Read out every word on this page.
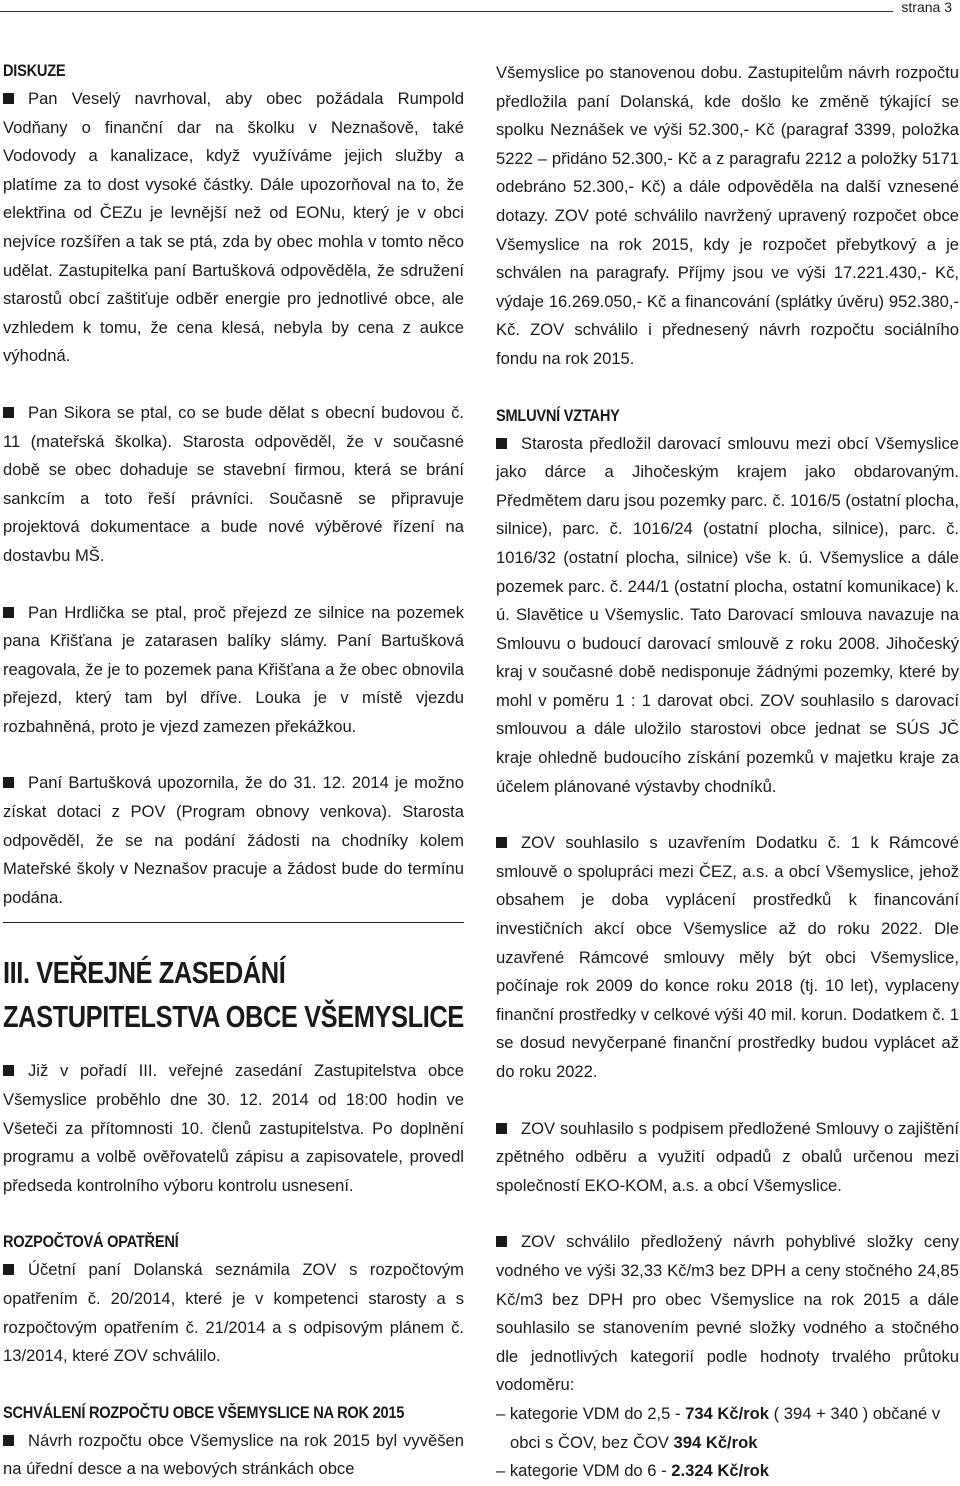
strana 3
DISKUZE

Pan Veselý navrhoval, aby obec požádala Rumpold Vodňany o finanční dar na školku v Neznašově, také Vodovody a kanalizace, když využíváme jejich služby a platíme za to dost vysoké částky. Dále upozorňoval na to, že elektřina od ČEZu je levnější než od EONu, který je v obci nejvíce rozšířen a tak se ptá, zda by obec mohla v tomto něco udělat. Zastupitelka paní Bartušková odpověděla, že sdružení starostů obcí zaštiťuje odběr energie pro jednotlivé obce, ale vzhledem k tomu, že cena klesá, nebyla by cena z aukce výhodná.

Pan Sikora se ptal, co se bude dělat s obecní budovou č. 11 (mateřská školka). Starosta odpověděl, že v současné době se obec dohaduje se stavební firmou, která se brání sankcím a toto řeší právníci. Současně se připravuje projektová dokumentace a bude nové výběrové řízení na dostavbu MŠ.

Pan Hrdlička se ptal, proč přejezd ze silnice na pozemek pana Křišťana je zatarasen balíky slámy. Paní Bartušková reagovala, že je to pozemek pana Křišťana a že obec obnovila přejezd, který tam byl dříve. Louka je v místě vjezdu rozbahněná, proto je vjezd zamezen překážkou.

Paní Bartušková upozornila, že do 31. 12. 2014 je možno získat dotaci z POV (Program obnovy venkova). Starosta odpověděl, že se na podání žádosti na chodníky kolem Mateřské školy v Neznašov pracuje a žádost bude do termínu podána.

III. VEŘEJNÉ ZASEDÁNÍ
ZASTUPITELSTVA OBCE VŠEMYSLICE

Již v pořadí III. veřejné zasedání Zastupitelstva obce Všemyslice proběhlo dne 30. 12. 2014 od 18:00 hodin ve Všeteči za přítomnosti 10. členů zastupitelstva. Po doplnění programu a volbě ověřovatelů zápisu a zapisovatele, provedl předseda kontrolního výboru kontrolu usnesení.

ROZPOČTOVÁ OPATŘENÍ

Účetní paní Dolanská seznámila ZOV s rozpočtovým opatřením č. 20/2014, které je v kompetenci starosty a s rozpočtovým opatřením č. 21/2014 a s odpisovým plánem č. 13/2014, které ZOV schválilo.

SCHVÁLENÍ ROZPOČTU OBCE VŠEMYSLICE NA ROK 2015

Návrh rozpočtu obce Všemyslice na rok 2015 byl vyvěšen na úřední desce a na webových stránkách obce

Všemyslice po stanovenou dobu. Zastupitelům návrh rozpočtu předložila paní Dolanská, kde došlo ke změně týkající se spolku Neznášek ve výši 52.300,- Kč (paragraf 3399, položka 5222 – přidáno 52.300,- Kč a z paragrafu 2212 a položky 5171 odebráno 52.300,- Kč) a dále odpověděla na další vznesené dotazy. ZOV poté schválilo navržený upravený rozpočet obce Všemyslice na rok 2015, kdy je rozpočet přebytkový a je schválen na paragrafy. Příjmy jsou ve výši 17.221.430,- Kč, výdaje 16.269.050,- Kč a financování (splátky úvěru) 952.380,- Kč. ZOV schválilo i přednesený návrh rozpočtu sociálního fondu na rok 2015.

SMLUVNÍ VZTAHY

Starosta předložil darovací smlouvu mezi obcí Všemyslice jako dárce a Jihočeským krajem jako obdarovaným. Předmětem daru jsou pozemky parc. č. 1016/5 (ostatní plocha, silnice), parc. č. 1016/24 (ostatní plocha, silnice), parc. č. 1016/32 (ostatní plocha, silnice) vše k. ú. Všemyslice a dále pozemek parc. č. 244/1 (ostatní plocha, ostatní komunikace) k. ú. Slavětice u Všemyslic. Tato Darovací smlouva navazuje na Smlouvu o budoucí darovací smlouvě z roku 2008. Jihočeský kraj v současné době nedisponuje žádnými pozemky, které by mohl v poměru 1 : 1 darovat obci. ZOV souhlasilo s darovací smlouvou a dále uložilo starostovi obce jednat se SÚS JČ kraje ohledně budoucího získání pozemků v majetku kraje za účelem plánované výstavby chodníků.

ZOV souhlasilo s uzavřením Dodatku č. 1 k Rámcové smlouvě o spolupráci mezi ČEZ, a.s. a obcí Všemyslice, jehož obsahem je doba vyplácení prostředků k financování investičních akcí obce Všemyslice až do roku 2022. Dle uzavřené Rámcové smlouvy měly být obci Všemyslice, počínaje rok 2009 do konce roku 2018 (tj. 10 let), vyplaceny finanční prostředky v celkové výši 40 mil. korun. Dodatkem č. 1 se dosud nevyčerpané finanční prostředky budou vyplácet až do roku 2022.

ZOV souhlasilo s podpisem předložené Smlouvy o zajištění zpětného odběru a využití odpadů z obalů určenou mezi společností EKO-KOM, a.s. a obcí Všemyslice.

ZOV schválilo předložený návrh pohyblivé složky ceny vodného ve výši 32,33 Kč/m3 bez DPH a ceny stočného 24,85 Kč/m3 bez DPH pro obec Všemyslice na rok 2015 a dále souhlasilo se stanovením pevné složky vodného a stočného dle jednotlivých kategorií podle hodnoty trvalého průtoku vodoměru:

– kategorie VDM do 2,5 - 734 Kč/rok ( 394 + 340 ) občané v obci s ČOV, bez ČOV 394 Kč/rok
– kategorie VDM do 6 - 2.324 Kč/rok
